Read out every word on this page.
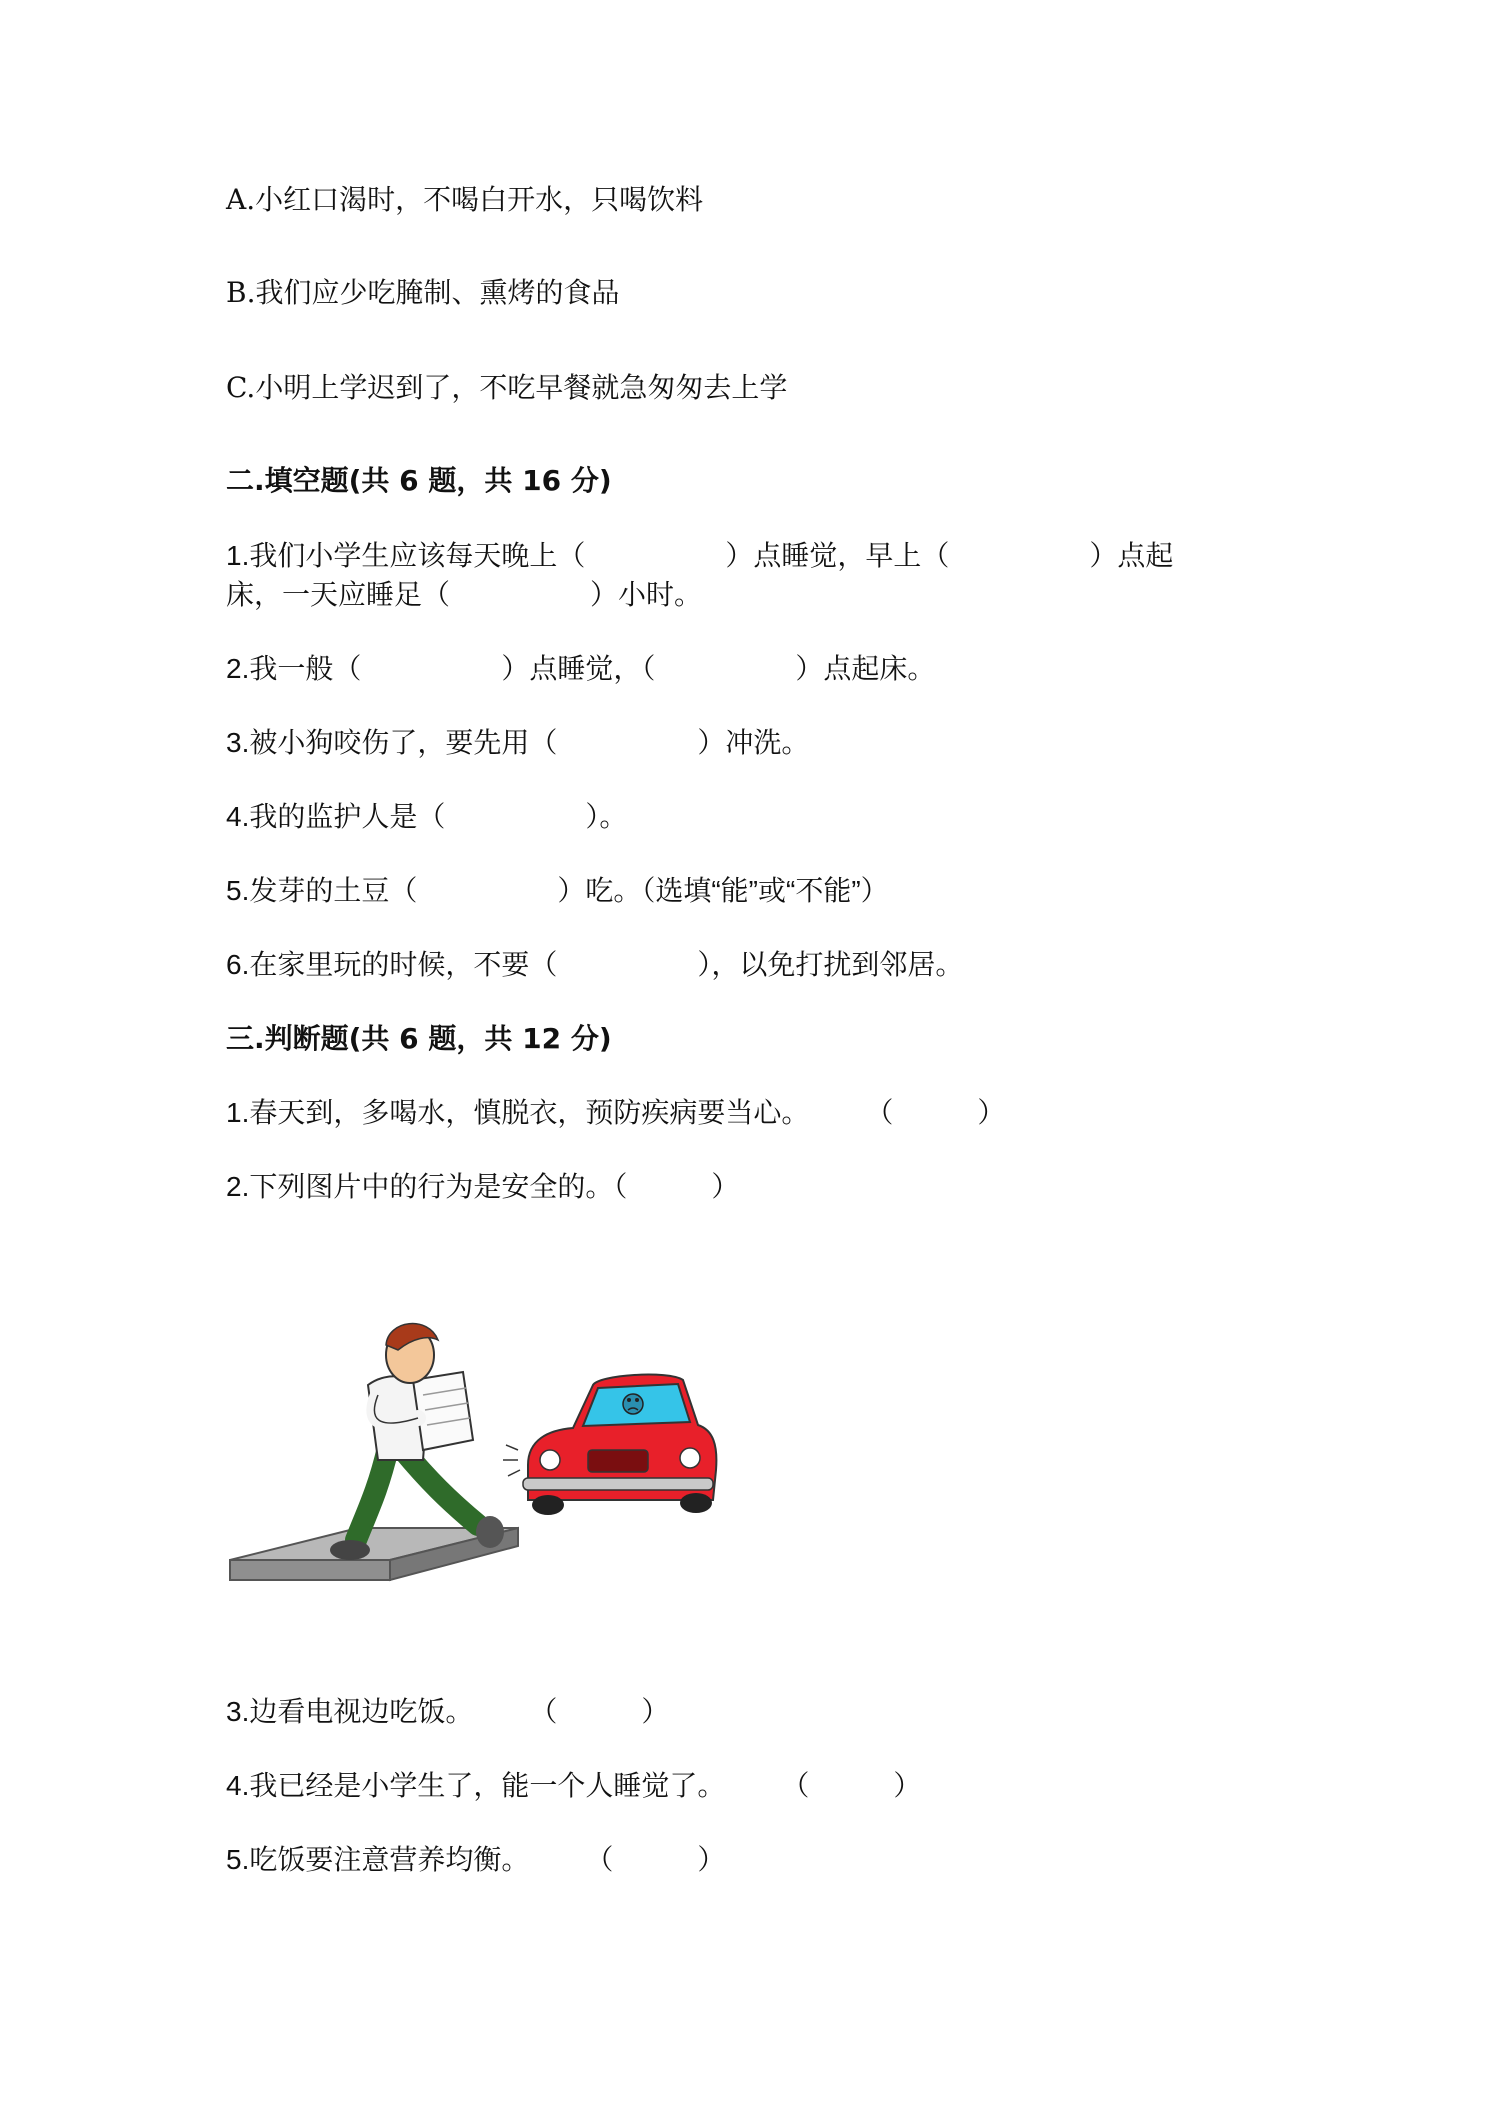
A.小红口渴时，不喝白开水，只喝饮料
B.我们应少吃腌制、熏烤的食品
C.小明上学迟到了，不吃早餐就急匆匆去上学
二.填空题(共 6 题，共 16 分)
1.我们小学生应该每天晚上（　　　　　）点睡觉，早上（　　　　　）点起
床，一天应睡足（　　　　　）小时。
2.我一般（　　　　　）点睡觉，（　　　　　）点起床。
3.被小狗咬伤了，要先用（　　　　　）冲洗。
4.我的监护人是（　　　　　）。
5.发芽的土豆（　　　　　）吃。（选填“能”或“不能”）
6.在家里玩的时候，不要（　　　　　），以免打扰到邻居。
三.判断题(共 6 题，共 12 分)
1.春天到，多喝水，慎脱衣，预防疾病要当心。　　　（　　　）
2.下列图片中的行为是安全的。（　　　）
3.边看电视边吃饭。　　　（　　　）
4.我已经是小学生了，能一个人睡觉了。　　　（　　　）
5.吃饭要注意营养均衡。　　　（　　　）
